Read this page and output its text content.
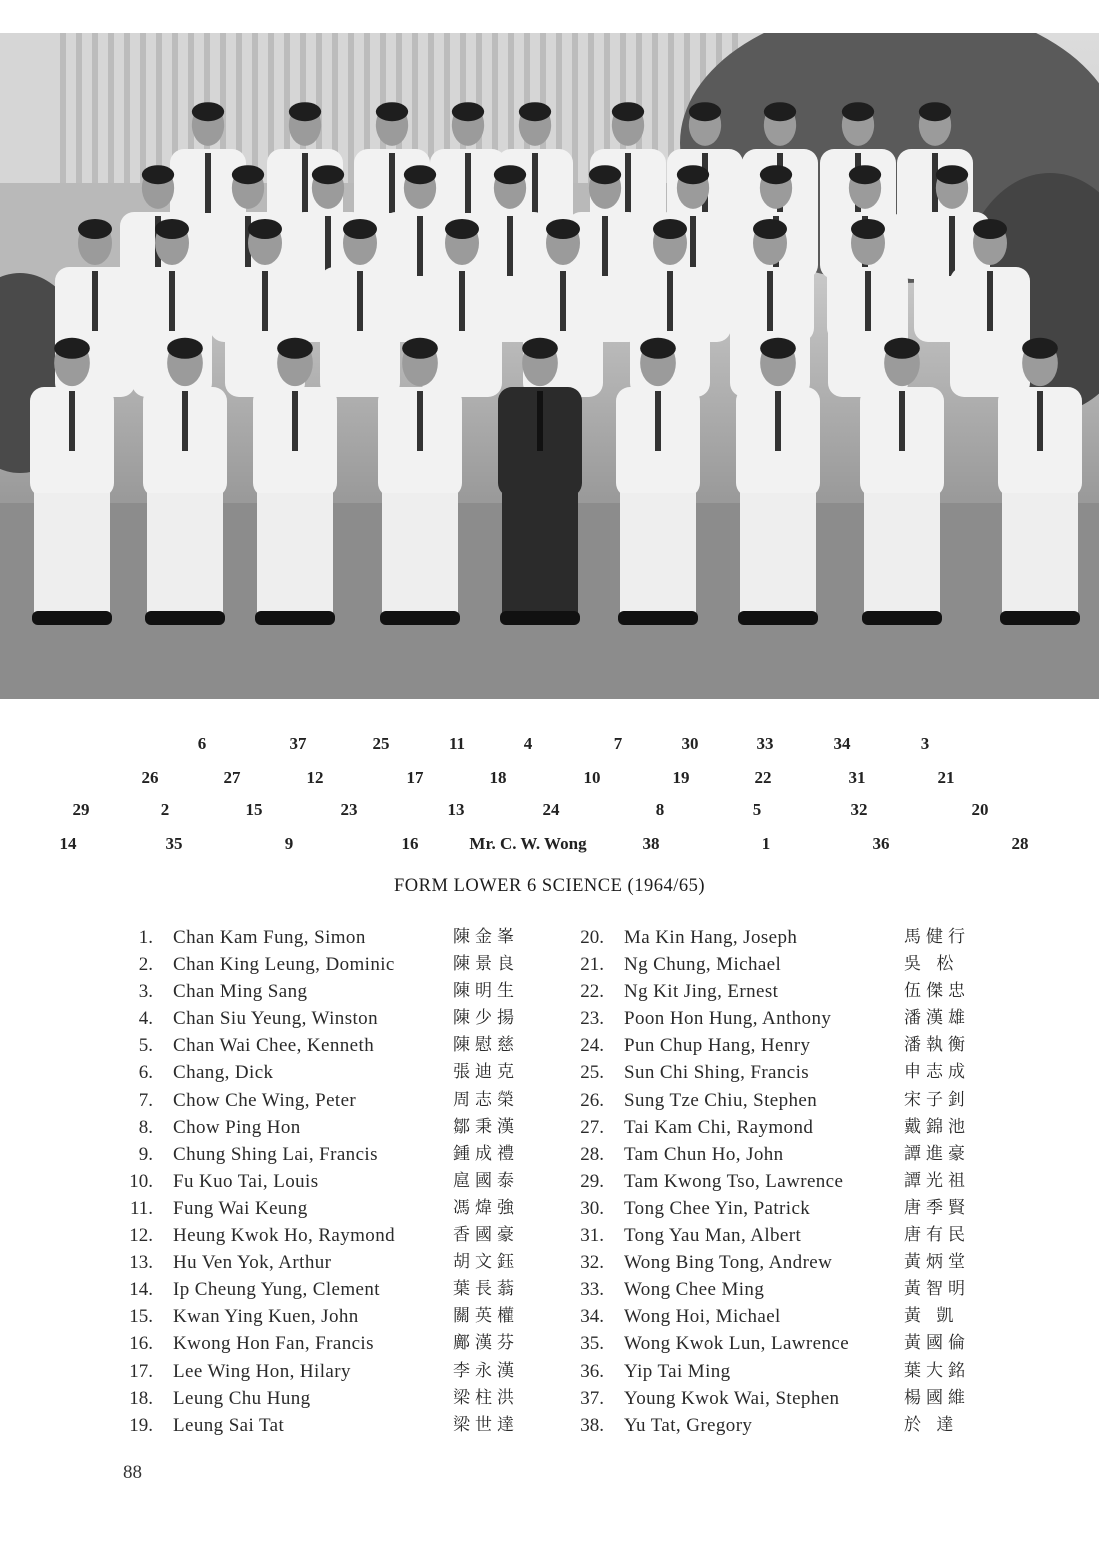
6	37	25	11	4	7	30	33	34	3
26	27	12	17	18	10	19	22	31	21
29	2	15	23	13	24	8	5	32	20
14	35	9	16	Mr. C. W. Wong	38	1	36	28
FORM LOWER 6 SCIENCE (1964/65)
1. Chan Kam Fung, Simon	陳金峯
2. Chan King Leung, Dominic	陳景良
3. Chan Ming Sang	陳明生
4. Chan Siu Yeung, Winston	陳少揚
5. Chan Wai Chee, Kenneth	陳慰慈
6. Chang, Dick	張迪克
7. Chow Che Wing, Peter	周志榮
8. Chow Ping Hon	鄒秉漢
9. Chung Shing Lai, Francis	鍾成禮
10. Fu Kuo Tai, Louis	扈國泰
11. Fung Wai Keung	馮煒強
12. Heung Kwok Ho, Raymond	香國豪
13. Hu Ven Yok, Arthur	胡文鈺
14. Ip Cheung Yung, Clement	葉長蓊
15. Kwan Ying Kuen, John	關英權
16. Kwong Hon Fan, Francis	鄺漢芬
17. Lee Wing Hon, Hilary	李永漢
18. Leung Chu Hung	梁柱洪
19. Leung Sai Tat	梁世達
20. Ma Kin Hang, Joseph	馬健行
21. Ng Chung, Michael	吳 松
22. Ng Kit Jing, Ernest	伍傑忠
23. Poon Hon Hung, Anthony	潘漢雄
24. Pun Chup Hang, Henry	潘執衡
25. Sun Chi Shing, Francis	申志成
26. Sung Tze Chiu, Stephen	宋子釗
27. Tai Kam Chi, Raymond	戴錦池
28. Tam Chun Ho, John	譚進豪
29. Tam Kwong Tso, Lawrence	譚光祖
30. Tong Chee Yin, Patrick	唐季賢
31. Tong Yau Man, Albert	唐有民
32. Wong Bing Tong, Andrew	黃炳堂
33. Wong Chee Ming	黃智明
34. Wong Hoi, Michael	黃 凱
35. Wong Kwok Lun, Lawrence	黃國倫
36. Yip Tai Ming	葉大銘
37. Young Kwok Wai, Stephen	楊國維
38. Yu Tat, Gregory	於 達
88
